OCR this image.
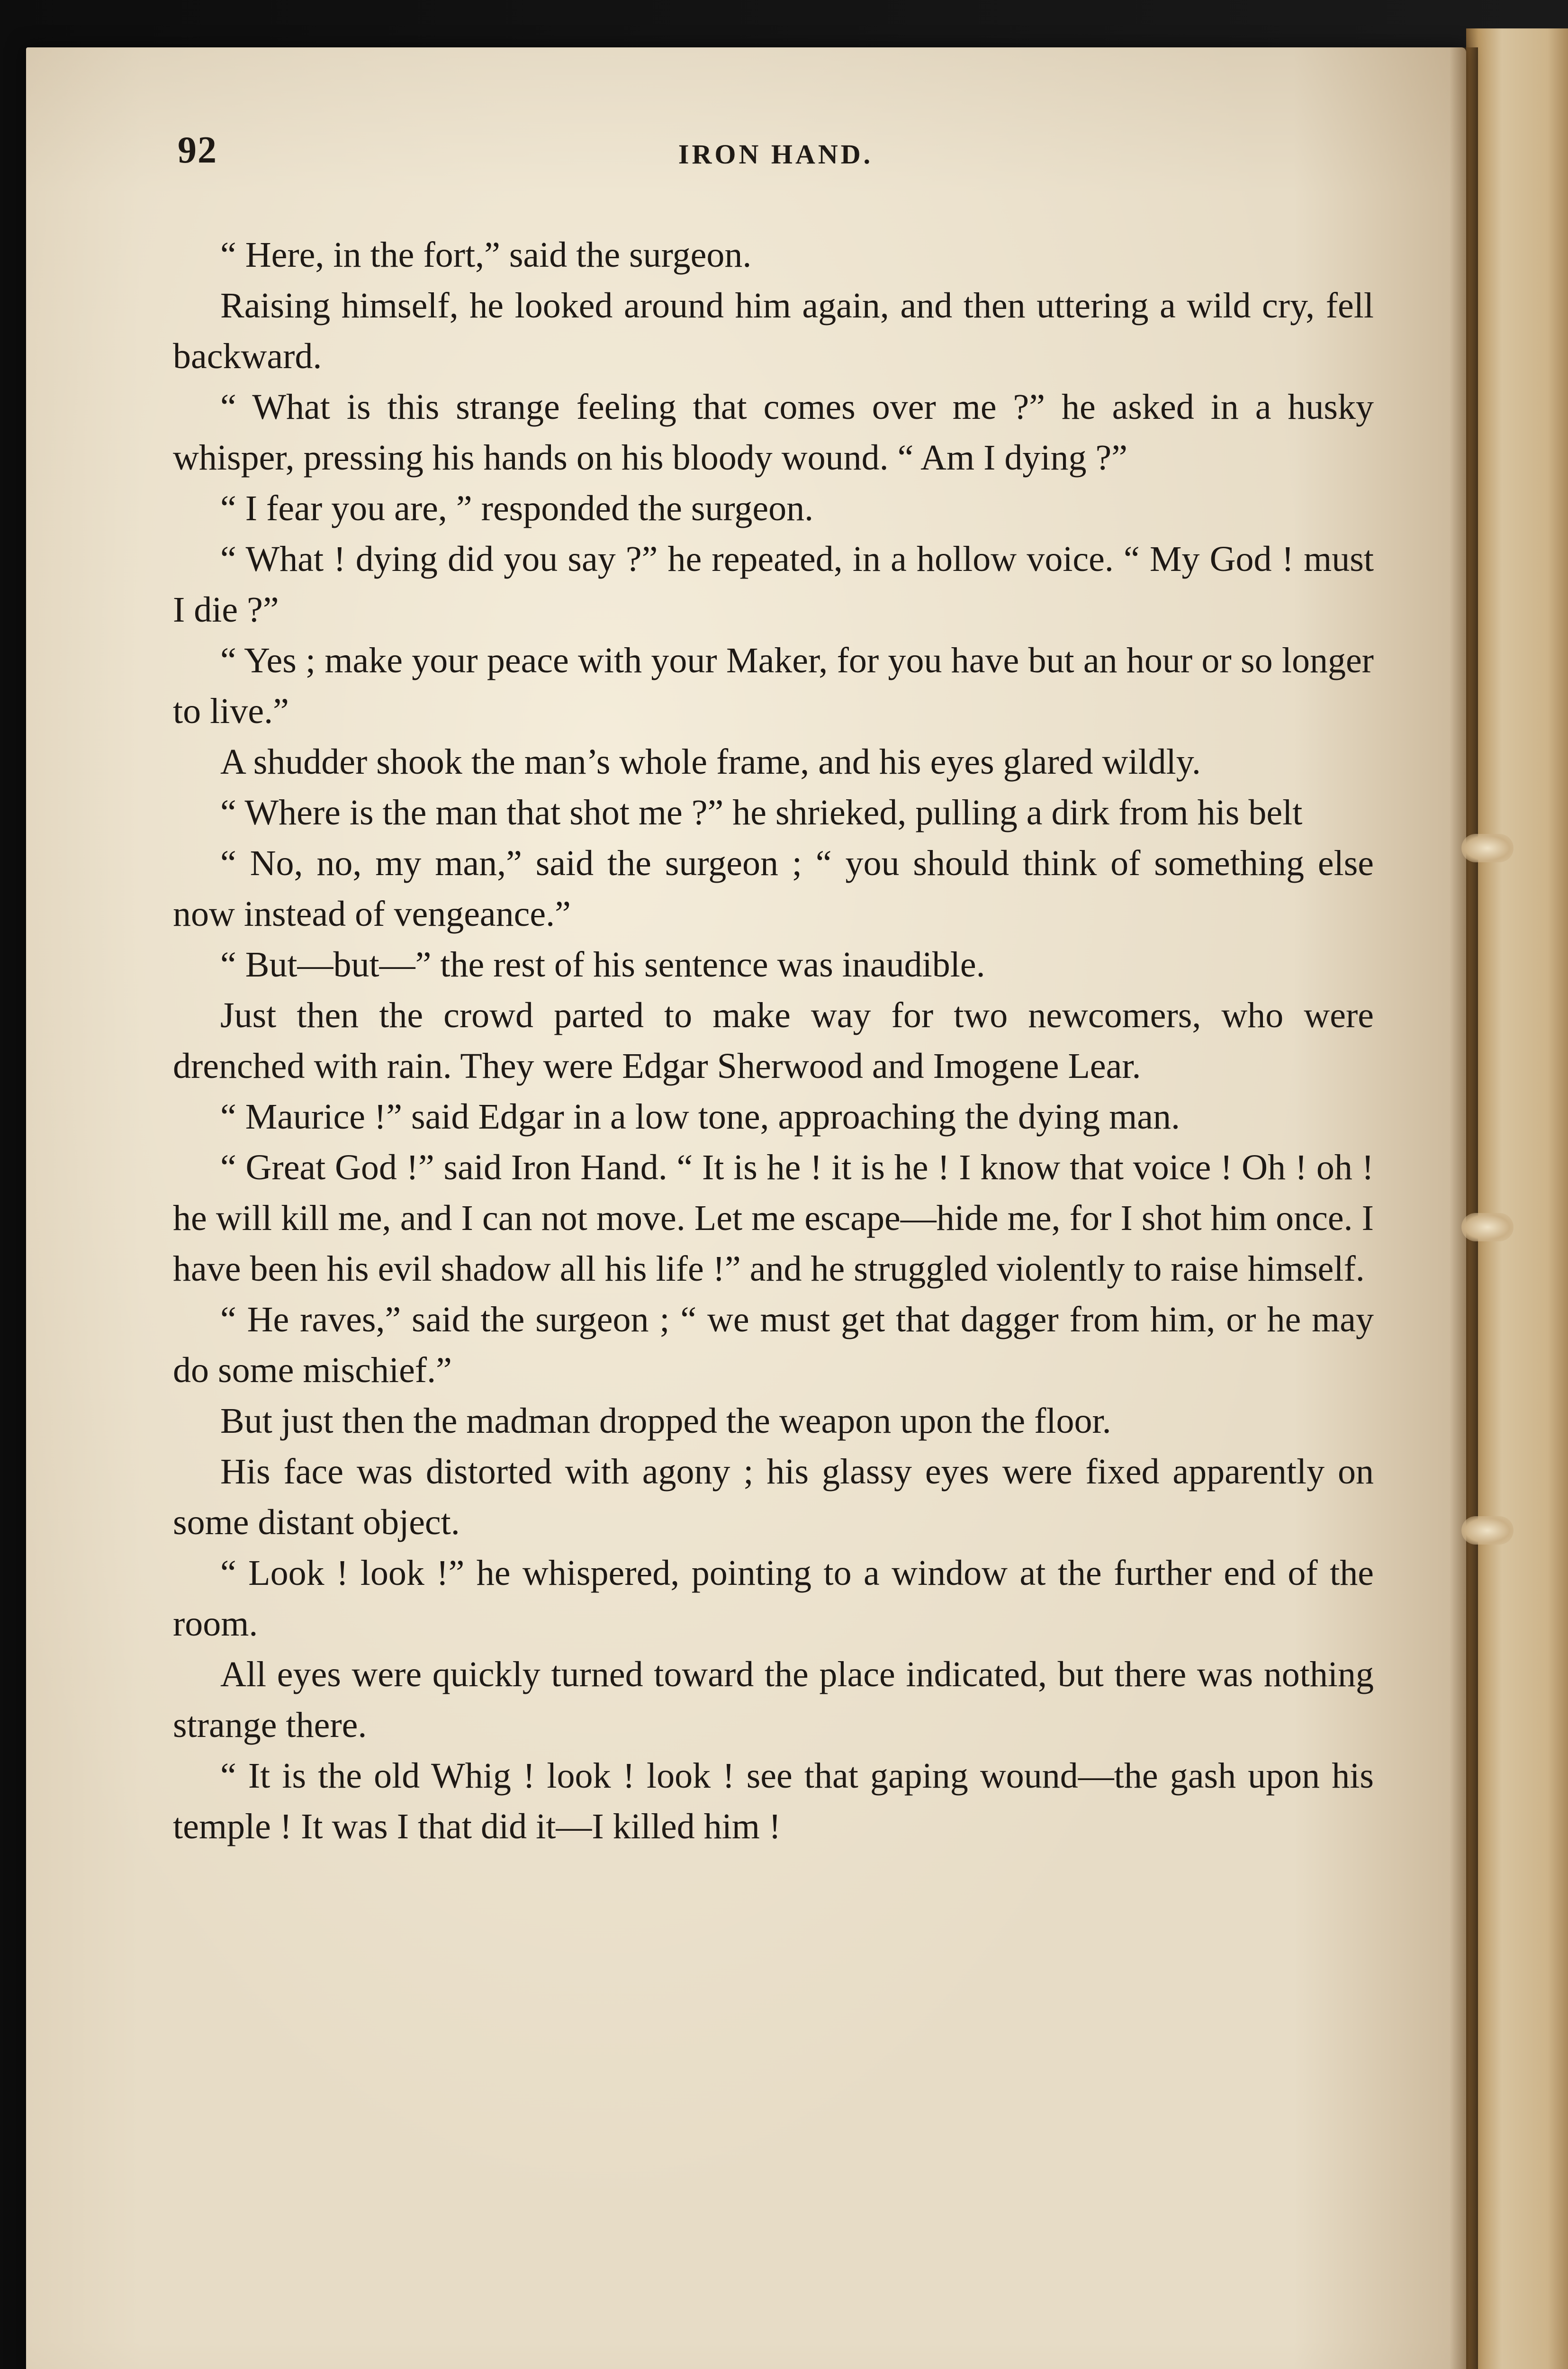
92	IRON HAND.

“ Here, in the fort,” said the surgeon.

Raising himself, he looked around him again, and then uttering a wild cry, fell backward.

“ What is this strange feeling that comes over me ?” he asked in a husky whisper, pressing his hands on his bloody wound. “ Am I dying ?”

“ I fear you are, ” responded the surgeon.

“ What ! dying did you say ?” he repeated, in a hollow voice. “ My God ! must I die ?”

“ Yes ; make your peace with your Maker, for you have but an hour or so longer to live.”

A shudder shook the man’s whole frame, and his eyes glared wildly.

“ Where is the man that shot me ?” he shrieked, pulling a dirk from his belt

“ No, no, my man,” said the surgeon ; “ you should think of something else now instead of vengeance.”

“ But—but—” the rest of his sentence was inaudible.

Just then the crowd parted to make way for two newcomers, who were drenched with rain. They were Edgar Sherwood and Imogene Lear.

“ Maurice !” said Edgar in a low tone, approaching the dying man.

“ Great God !” said Iron Hand. “ It is he ! it is he ! I know that voice ! Oh ! oh ! he will kill me, and I can not move. Let me escape—hide me, for I shot him once. I have been his evil shadow all his life !” and he struggled violently to raise himself.

“ He raves,” said the surgeon ; “ we must get that dagger from him, or he may do some mischief.”

But just then the madman dropped the weapon upon the floor.

His face was distorted with agony ; his glassy eyes were fixed apparently on some distant object.

“ Look ! look !” he whispered, pointing to a window at the further end of the room.

All eyes were quickly turned toward the place indicated, but there was nothing strange there.

“ It is the old Whig ! look ! look ! see that gaping wound—the gash upon his temple ! It was I that did it—I killed him !
